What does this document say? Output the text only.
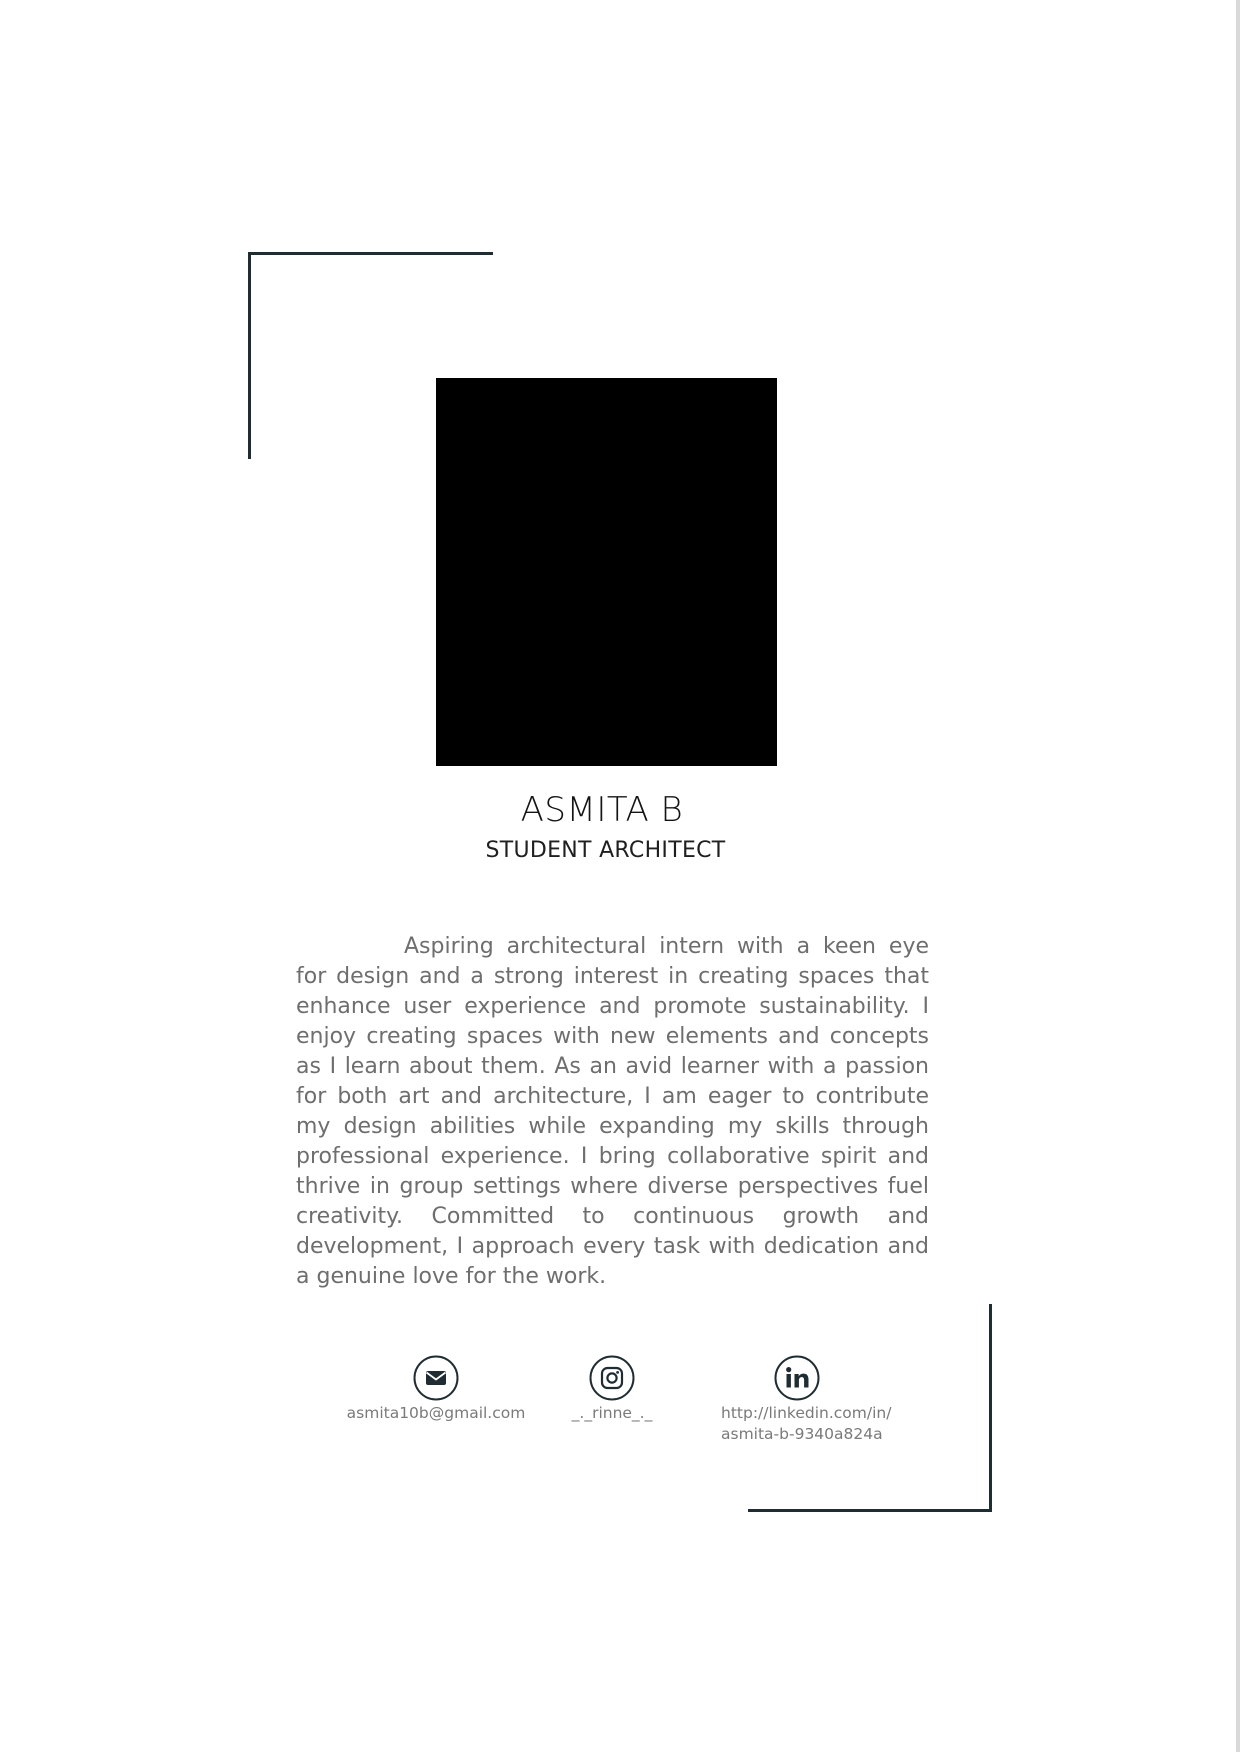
ASMITA B
STUDENT ARCHITECT

Aspiring architectural intern with a keen eye for design and a strong interest in creating spaces that enhance user experience and promote sustainability. I enjoy creating spaces with new elements and concepts as I learn about them. As an avid learner with a passion for both art and architecture, I am eager to contribute my design abilities while expanding my skills through professional experience. I bring collaborative spirit and thrive in group settings where diverse perspectives fuel creativity. Committed to continuous growth and development, I approach every task with dedication and a genuine love for the work.

asmita10b@gmail.com	_._rinne_._	http://linkedin.com/in/
asmita-b-9340a824a
